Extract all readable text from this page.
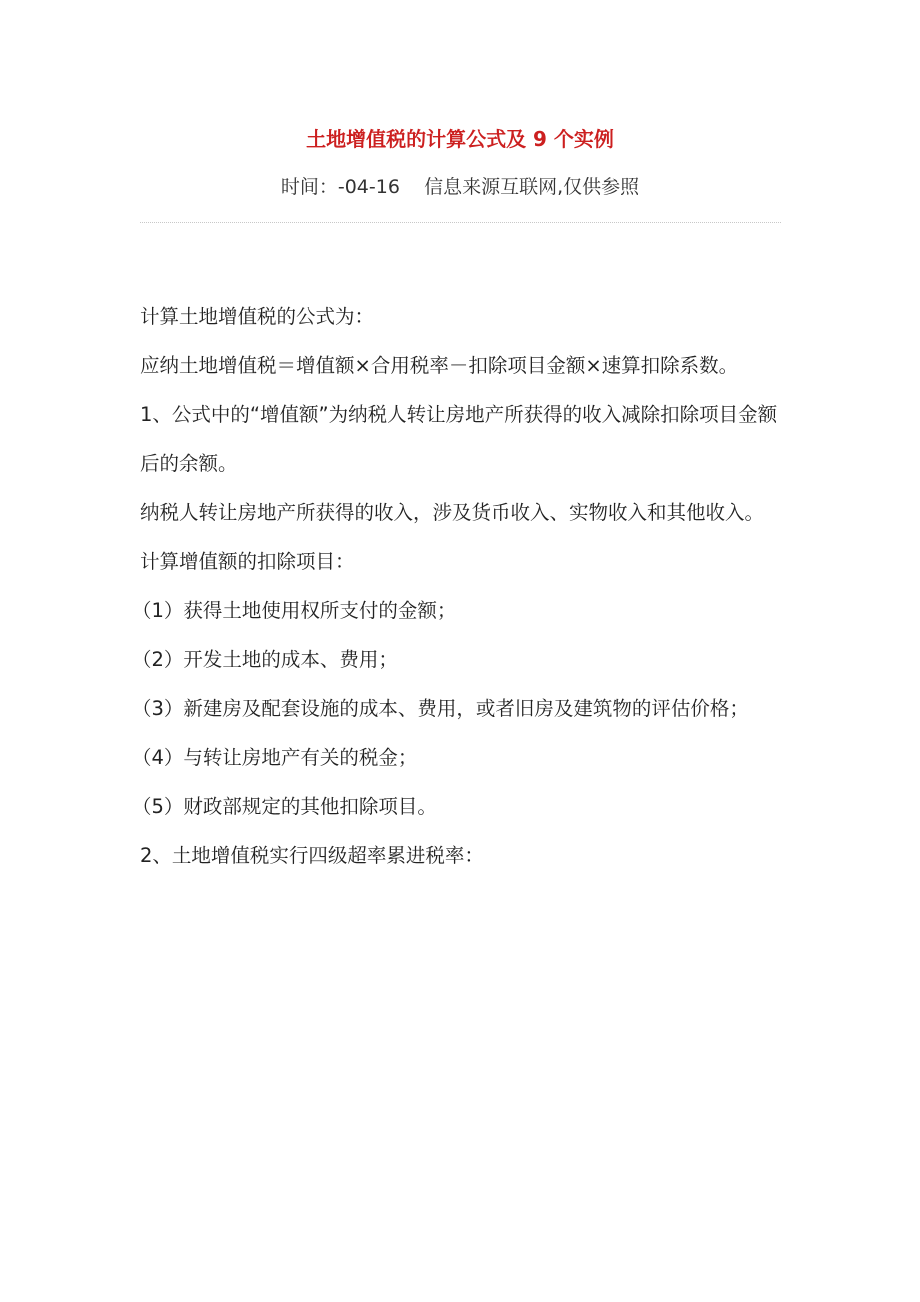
土地增值税的计算公式及 9 个实例
时间：-04-16    信息来源互联网,仅供参照

计算土地增值税的公式为：

应纳土地增值税＝增值额×合用税率－扣除项目金额×速算扣除系数。

1、公式中的“增值额”为纳税人转让房地产所获得的收入减除扣除项目金额后的余额。

纳税人转让房地产所获得的收入，涉及货币收入、实物收入和其他收入。

计算增值额的扣除项目：

（1）获得土地使用权所支付的金额；

（2）开发土地的成本、费用；

（3）新建房及配套设施的成本、费用，或者旧房及建筑物的评估价格；

（4）与转让房地产有关的税金；

（5）财政部规定的其他扣除项目。

2、土地增值税实行四级超率累进税率：
